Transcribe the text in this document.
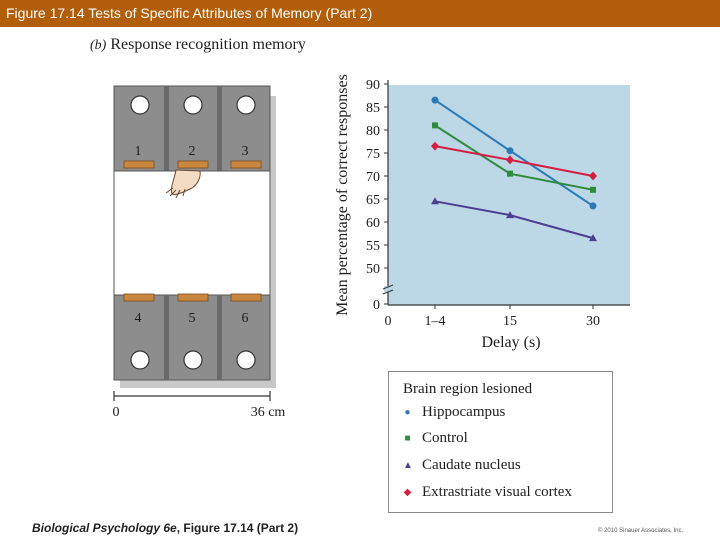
Figure 17.14 Tests of Specific Attributes of Memory (Part 2)
(b) Response recognition memory
1	2	3
4	5	6
0	36 cm
0
50
55
60
65
70
75
80
85
90
0 1–4	15	30
Mean percentage of correct responses
Delay (s)
Brain region lesioned
● Hippocampus
■ Control
▲ Caudate nucleus
◆ Extrastriate visual cortex
Biological Psychology 6e, Figure 17.14 (Part 2)	© 2010 Sinauer Associates, Inc.
